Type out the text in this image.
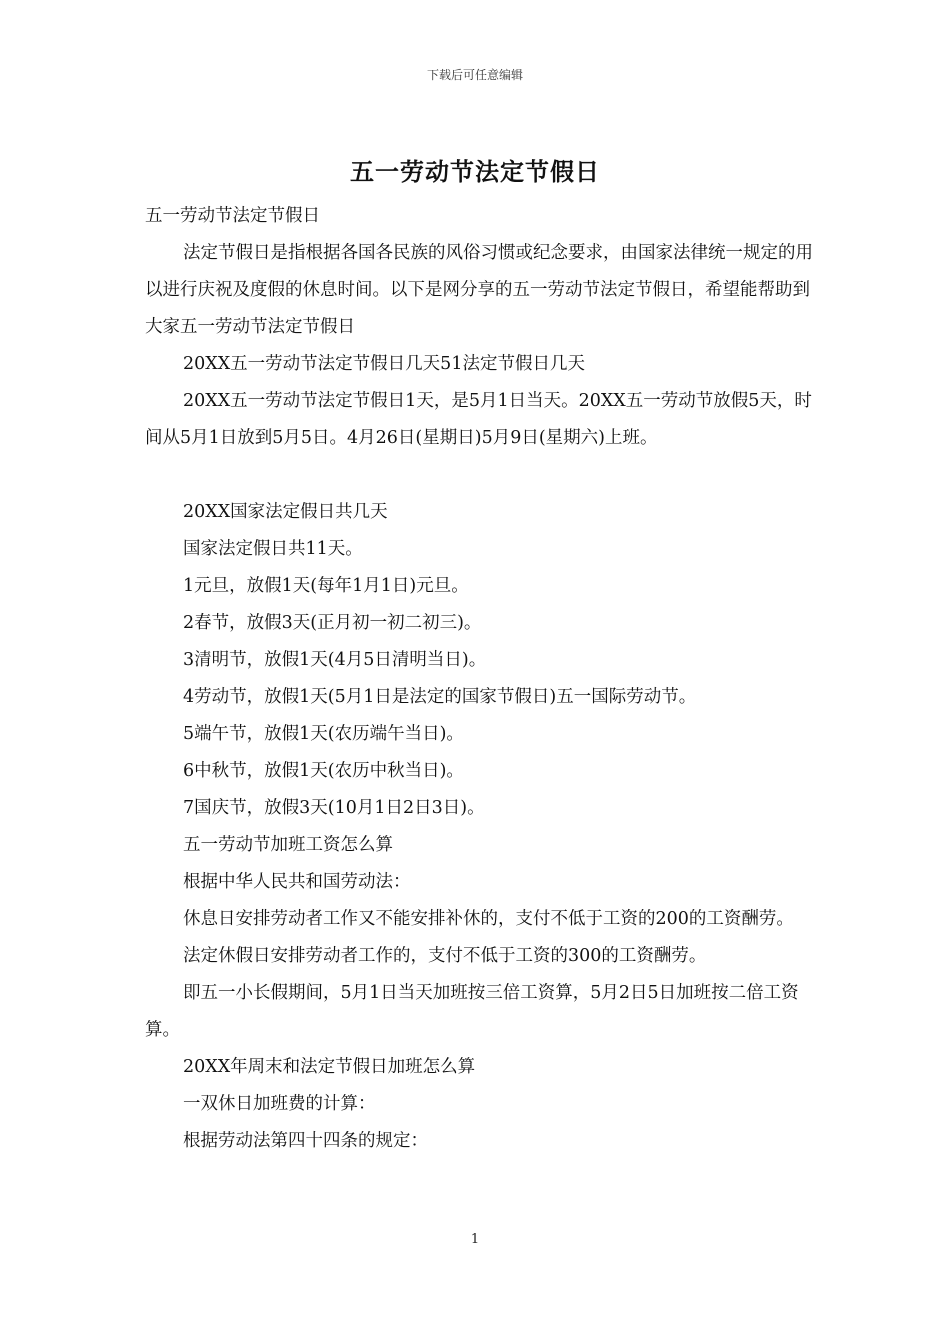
下载后可任意编辑
五一劳动节法定节假日

五一劳动节法定节假日

法定节假日是指根据各国各民族的风俗习惯或纪念要求，由国家法律统一规定的用以进行庆祝及度假的休息时间。以下是网分享的五一劳动节法定节假日，希望能帮助到大家五一劳动节法定节假日

20XX五一劳动节法定节假日几天51法定节假日几天

20XX五一劳动节法定节假日1天，是5月1日当天。20XX五一劳动节放假5天，时间从5月1日放到5月5日。4月26日(星期日)5月9日(星期六)上班。

20XX国家法定假日共几天

国家法定假日共11天。

1元旦，放假1天(每年1月1日)元旦。

2春节，放假3天(正月初一初二初三)。

3清明节，放假1天(4月5日清明当日)。

4劳动节，放假1天(5月1日是法定的国家节假日)五一国际劳动节。

5端午节，放假1天(农历端午当日)。

6中秋节，放假1天(农历中秋当日)。

7国庆节，放假3天(10月1日2日3日)。

五一劳动节加班工资怎么算

根据中华人民共和国劳动法：

休息日安排劳动者工作又不能安排补休的，支付不低于工资的200的工资酬劳。

法定休假日安排劳动者工作的，支付不低于工资的300的工资酬劳。

即五一小长假期间，5月1日当天加班按三倍工资算，5月2日5日加班按二倍工资算。

20XX年周末和法定节假日加班怎么算

一双休日加班费的计算：

根据劳动法第四十四条的规定：

1
